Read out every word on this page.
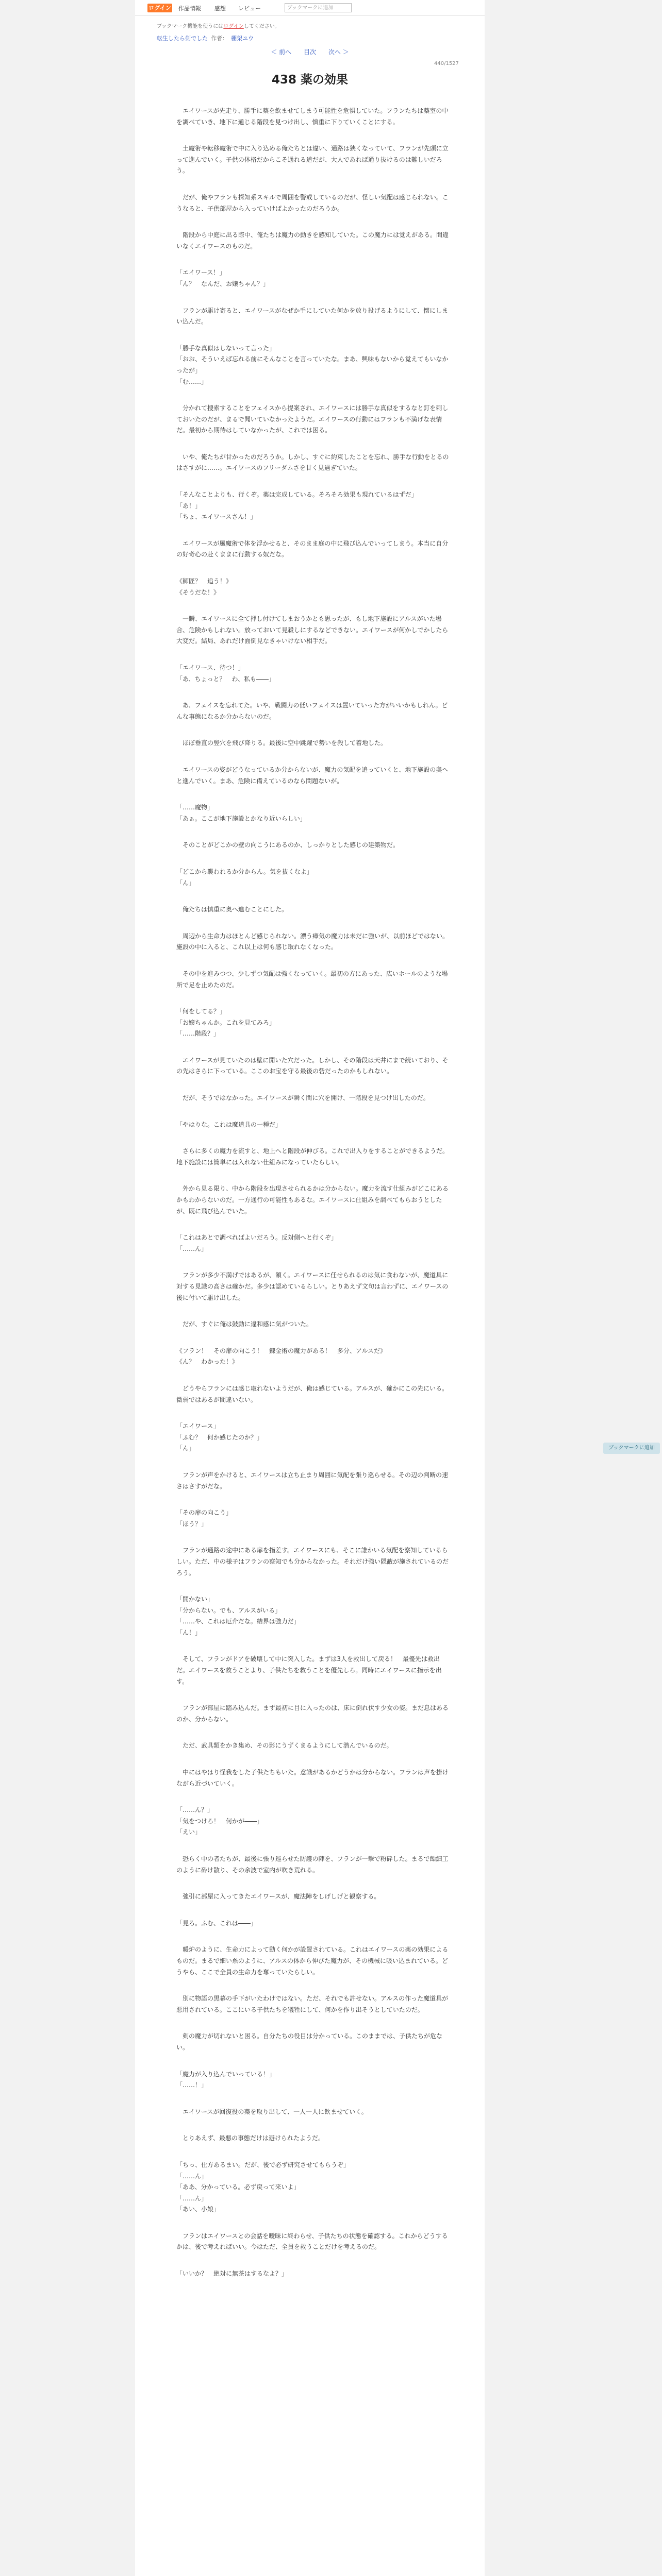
ログイン 作品情報 感想 レビュー	ブックマークに追加
ブックマーク機能を使うにはログインしてください。
転生したら剣でした 作者： 棚架ユウ
＜ 前へ 目次 次へ ＞
440/1527
438 薬の効果

　エイワースが先走り、勝手に薬を飲ませてしまう可能性を危惧していた。フランたちは薬室の中を調べていき、地下に通じる階段を見つけ出し、慎重に下りていくことにする。

　土魔術や転移魔術で中に入り込める俺たちとは違い、通路は狭くなっていて、フランが先頭に立って進んでいく。子供の体格だからこそ通れる道だが、大人であれば通り抜けるのは難しいだろう。

　だが、俺やフランも探知系スキルで周囲を警戒しているのだが、怪しい気配は感じられない。こうなると、子供部屋から入っていけばよかったのだろうか。

　階段から中庭に出る際中、俺たちは魔力の動きを感知していた。この魔力には覚えがある。間違いなくエイワースのものだ。

「エイワース！」

「ん？　なんだ、お嬢ちゃん？」

　フランが駆け寄ると、エイワースがなぜか手にしていた何かを放り投げるようにして、懐にしまい込んだ。

「勝手な真似はしないって言った」

「おお、そういえば忘れる前にそんなことを言っていたな。まあ、興味もないから覚えてもいなかったが」

「む……」

　分かれて捜索することをフェイスから提案され、エイワースには勝手な真似をするなと釘を刺しておいたのだが、まるで聞いていなかったようだ。エイワースの行動にはフランも不満げな表情だ。最初から期待はしていなかったが、これでは困る。

　いや、俺たちが甘かったのだろうか。しかし、すぐに約束したことを忘れ、勝手な行動をとるのはさすがに……。エイワースのフリーダムさを甘く見過ぎていた。

「そんなことよりも、行くぞ。薬は完成している。そろそろ効果も現れているはずだ」

「あ！」

「ちょ、エイワースさん！」

　エイワースが風魔術で体を浮かせると、そのまま庭の中に飛び込んでいってしまう。本当に自分の好奇心の赴くままに行動する奴だな。

《師匠？　追う！》

《そうだな！》

　一瞬、エイワースに全て押し付けてしまおうかとも思ったが、もし地下施設にアルスがいた場合、危険かもしれない。放っておいて見殺しにするなどできない。エイワースが何かしでかしたら大変だ。結局、あれだけ面倒見なきゃいけない相手だ。

「エイワース、待つ！」

「あ、ちょっと？　わ、私も――」

　あ、フェイスを忘れてた。いや、戦闘力の低いフェイスは置いていった方がいいかもしれん。どんな事態になるか分からないのだ。

　ほぼ垂直の竪穴を飛び降りる。最後に空中跳躍で勢いを殺して着地した。

　エイワースの姿がどうなっているか分からないが、魔力の気配を追っていくと、地下施設の奥へと進んでいく。まあ、危険に備えているのなら問題ないが。

「……魔物」

「あぁ。ここが地下施設とかなり近いらしい」

　そのことがどこかの壁の向こうにあるのか、しっかりとした感じの建築物だ。

「どこから襲われるか分からん。気を抜くなよ」

「ん」

　俺たちは慎重に奥へ進むことにした。

　周辺から生命力はほとんど感じられない。漂う瘴気の魔力は未だに強いが、以前ほどではない。施設の中に入ると、これ以上は何も感じ取れなくなった。

　その中を進みつつ、少しずつ気配は強くなっていく。最初の方にあった、広いホールのような場所で足を止めたのだ。

「何をしてる？」

「お嬢ちゃんか。これを見てみろ」

「……階段？」

　エイワースが見ていたのは壁に開いた穴だった。しかし、その階段は天井にまで続いており、その先はさらに下っている。ここのお宝を守る最後の砦だったのかもしれない。

　だが、そうではなかった。エイワースが瞬く間に穴を開け、一階段を見つけ出したのだ。

「やはりな。これは魔道具の一種だ」

　さらに多くの魔力を流すと、地上へと階段が伸びる。これで出入りをすることができるようだ。地下施設には簡単には入れない仕組みになっていたらしい。

　外から見る限り、中から階段を出現させられるかは分からない。魔力を流す仕組みがどこにあるかもわからないのだ。一方通行の可能性もあるな。エイワースに仕組みを調べてもらおうとしたが、既に飛び込んでいた。

「これはあとで調べればよいだろう。反対側へと行くぞ」

「……ん」

　フランが多少不満げではあるが、頷く。エイワースに任せられるのは気に食わないが、魔道具に対する見識の高さは確かだ。多少は認めているらしい。とりあえず文句は言わずに、エイワースの後に付いて駆け出した。

　だが、すぐに俺は鼓動に違和感に気がついた。

《フラン！　その扉の向こう！　錬金術の魔力がある！　多分、アルスだ》

《ん？　わかった！》

　どうやらフランには感じ取れないようだが、俺は感じている。アルスが、確かにこの先にいる。微弱ではあるが間違いない。

「エイワース」

「ふむ？　何か感じたのか？」

「ん」

　フランが声をかけると、エイワースは立ち止まり周囲に気配を張り巡らせる。その辺の判断の速さはさすがだな。

「その扉の向こう」

「ほう？」

　フランが通路の途中にある扉を指差す。エイワースにも、そこに誰かいる気配を察知しているらしい。ただ、中の様子はフランの察知でも分からなかった。それだけ強い隠蔽が施されているのだろう。

「開かない」

「分からない。でも、アルスがいる」

「……や、これは厄介だな。結界は強力だ」

「ん！」

　そして、フランがドアを破壊して中に突入した。まずは3人を救出して戻る！　最優先は救出だ。エイワースを救うことより、子供たちを救うことを優先しろ。同時にエイワースに指示を出す。

　フランが部屋に踏み込んだ。まず最初に目に入ったのは、床に倒れ伏す少女の姿。まだ息はあるのか、分からない。

　ただ、武具類をかき集め、その影にうずくまるようにして潜んでいるのだ。

　中にはやはり怪我をした子供たちもいた。意識があるかどうかは分からない。フランは声を掛けながら近づいていく。

「……ん？」

「気をつけろ！　何かが――」

「えい」

　恐らく中の者たちが、最後に張り巡らせた防護の陣を、フランが一撃で粉砕した。まるで飴細工のように砕け散り、その余波で室内が吹き荒れる。

　強引に部屋に入ってきたエイワースが、魔法陣をしげしげと観察する。

「見ろ。ふむ、これは――」

　暖炉のように、生命力によって動く何かが設置されている。これはエイワースの薬の効果によるものだ。まるで細い糸のように、アルスの体から伸びた魔力が、その機械に吸い込まれている。どうやら、ここで全員の生命力を奪っていたらしい。

　別に物語の黒幕の手下がいたわけではない。ただ、それでも許せない。アルスの作った魔道具が悪用されている。ここにいる子供たちを犠牲にして、何かを作り出そうとしていたのだ。

　剣の魔力が切れないと困る。自分たちの役目は分かっている。このままでは、子供たちが危ない。

「魔力が入り込んでいっている！」

「……！」

　エイワースが回復役の薬を取り出して、一人一人に飲ませていく。

　とりあえず、最悪の事態だけは避けられたようだ。

「ちっ、仕方あるまい。だが、後で必ず研究させてもらうぞ」

「……ん」

「ああ、分かっている。必ず戻って来いよ」

「……ん」

「あい、小娘」

　フランはエイワースとの会話を曖昧に終わらせ、子供たちの状態を確認する。これからどうするかは、後で考えればいい。今はただ、全員を救うことだけを考えるのだ。

「いいか？　絶対に無茶はするなよ？」

ブックマークに追加
